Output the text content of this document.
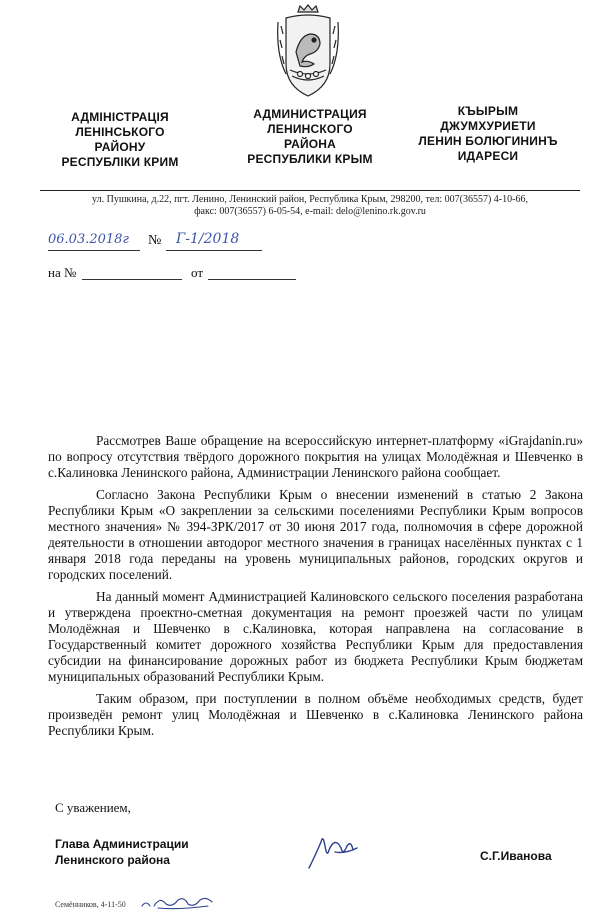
АДМІНІСТРАЦІЯ
ЛЕНІНСЬКОГО
РАЙОНУ
РЕСПУБЛІКИ КРИМ
АДМИНИСТРАЦИЯ
ЛЕНИНСКОГО
РАЙОНА
РЕСПУБЛИКИ КРЫМ
КЪЫРЫМ
ДЖУМХУРИЕТИ
ЛЕНИН БОЛЮГИНИНЪ
ИДАРЕСИ
ул. Пушкина, д.22, пгт. Ленино, Ленинский район, Республика Крым, 298200, тел: 007(36557) 4-10-66,
факс: 007(36557) 6-05-54, e-mail: delo@lenino.rk.gov.ru
06.03.2018г № Г-1/2018
на №	от

Рассмотрев Ваше обращение на всероссийскую интернет-платформу «iGrajdanin.ru» по вопросу отсутствия твёрдого дорожного покрытия на улицах Молодёжная и Шевченко в с.Калиновка Ленинского района, Администрации Ленинского района сообщает.

Согласно Закона Республики Крым о внесении изменений в статью 2 Закона Республики Крым «О закреплении за сельскими поселениями Республики Крым вопросов местного значения» № 394-ЗРК/2017 от 30 июня 2017 года, полномочия в сфере дорожной деятельности в отношении автодорог местного значения в границах населённых пунктах с 1 января 2018 года переданы на уровень муниципальных районов, городских округов и городских поселений.

На данный момент Администрацией Калиновского сельского поселения разработана и утверждена проектно-сметная документация на ремонт проезжей части по улицам Молодёжная и Шевченко в с.Калиновка, которая направлена на согласование в Государственный комитет дорожного хозяйства Республики Крым для предоставления субсидии на финансирование дорожных работ из бюджета Республики Крым бюджетам муниципальных образований Республики Крым.

Таким образом, при поступлении в полном объёме необходимых средств, будет произведён ремонт улиц Молодёжная и Шевченко в с.Калиновка Ленинского района Республики Крым.

С уважением,
Глава Администрации
Ленинского района	С.Г.Иванова
Семёнников, 4-11-50
